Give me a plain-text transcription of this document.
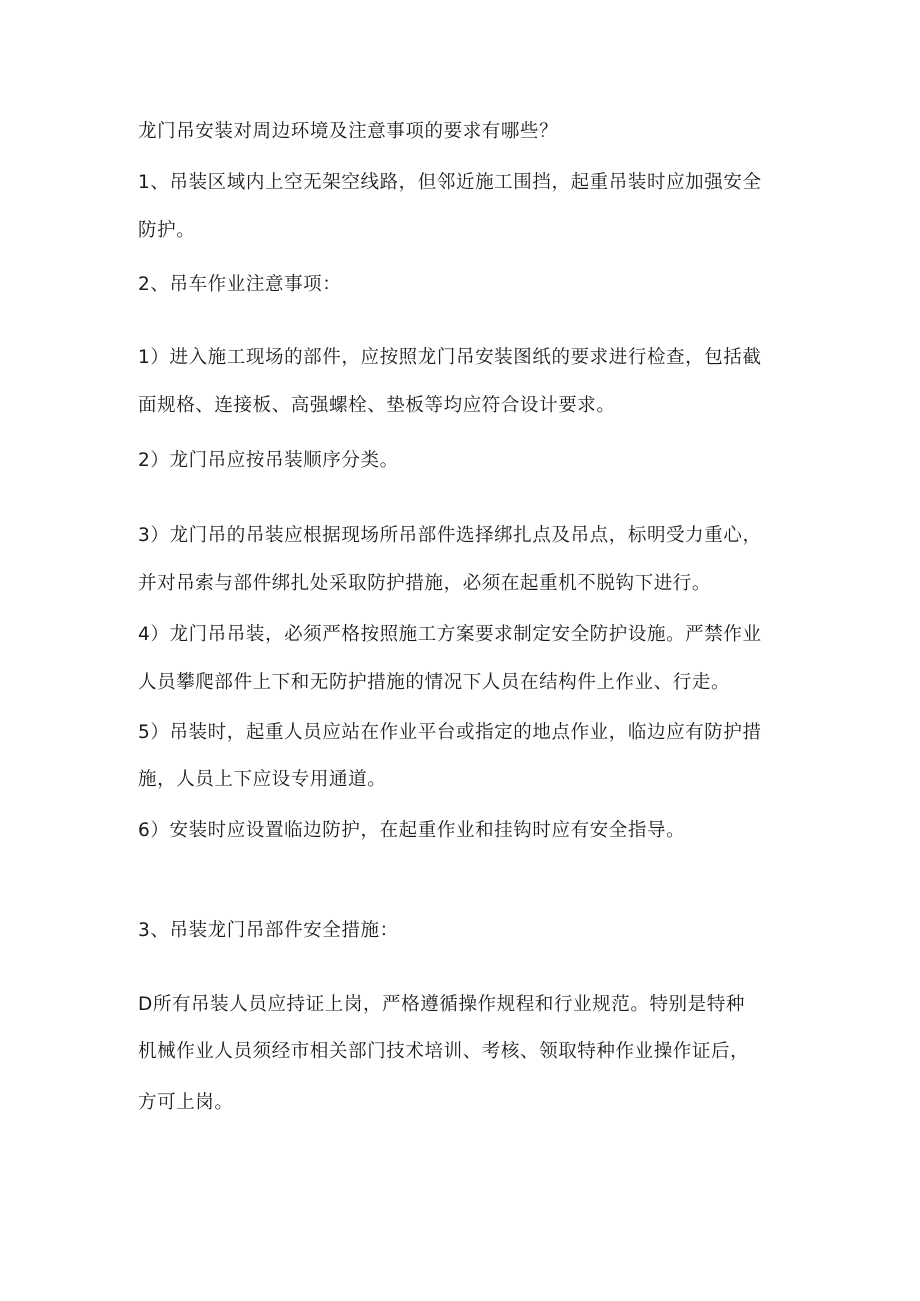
龙门吊安装对周边环境及注意事项的要求有哪些？

1、吊装区域内上空无架空线路，但邻近施工围挡，起重吊装时应加强安全

防护。

2、吊车作业注意事项：

1）进入施工现场的部件，应按照龙门吊安装图纸的要求进行检查，包括截

面规格、连接板、高强螺栓、垫板等均应符合设计要求。

2）龙门吊应按吊装顺序分类。

3）龙门吊的吊装应根据现场所吊部件选择绑扎点及吊点，标明受力重心，

并对吊索与部件绑扎处采取防护措施，必须在起重机不脱钩下进行。

4）龙门吊吊装，必须严格按照施工方案要求制定安全防护设施。严禁作业

人员攀爬部件上下和无防护措施的情况下人员在结构件上作业、行走。

5）吊装时，起重人员应站在作业平台或指定的地点作业，临边应有防护措

施，人员上下应设专用通道。

6）安装时应设置临边防护，在起重作业和挂钩时应有安全指导。

3、吊装龙门吊部件安全措施：

D所有吊装人员应持证上岗，严格遵循操作规程和行业规范。特别是特种

机械作业人员须经市相关部门技术培训、考核、领取特种作业操作证后，

方可上岗。
